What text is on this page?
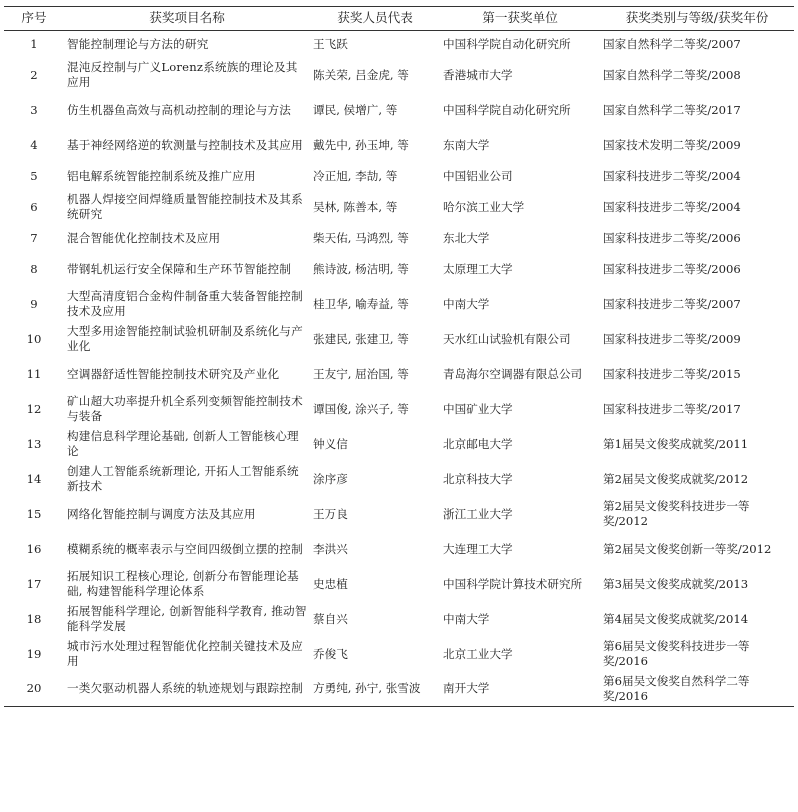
序号	获奖项目名称	获奖人员代表	第一获奖单位	获奖类别与等级/获奖年份
1	智能控制理论与方法的研究	王飞跃	中国科学院自动化研究所	国家自然科学二等奖/2007
2	混沌反控制与广义Lorenz系统族的理论及其应用	陈关荣, 吕金虎, 等	香港城市大学	国家自然科学二等奖/2008
3	仿生机器鱼高效与高机动控制的理论与方法	谭民, 侯增广, 等	中国科学院自动化研究所	国家自然科学二等奖/2017
4	基于神经网络逆的软测量与控制技术及其应用	戴先中, 孙玉坤, 等	东南大学	国家技术发明二等奖/2009
5	铝电解系统智能控制系统及推广应用	冷正旭, 李劼, 等	中国铝业公司	国家科技进步二等奖/2004
6	机器人焊接空间焊缝质量智能控制技术及其系统研究	吴林, 陈善本, 等	哈尔滨工业大学	国家科技进步二等奖/2004
7	混合智能优化控制技术及应用	柴天佑, 马鸿烈, 等	东北大学	国家科技进步二等奖/2006
8	带钢轧机运行安全保障和生产环节智能控制	熊诗波, 杨洁明, 等	太原理工大学	国家科技进步二等奖/2006
9	大型高清度铝合金构件制备重大装备智能控制技术及应用	桂卫华, 喻寿益, 等	中南大学	国家科技进步二等奖/2007
10	大型多用途智能控制试验机研制及系统化与产业化	张建民, 张建卫, 等	天水红山试验机有限公司	国家科技进步二等奖/2009
11	空调器舒适性智能控制技术研究及产业化	王友宁, 屈治国, 等	青岛海尔空调器有限总公司	国家科技进步二等奖/2015
12	矿山超大功率提升机全系列变频智能控制技术与装备	谭国俊, 涂兴子, 等	中国矿业大学	国家科技进步二等奖/2017
13	构建信息科学理论基础, 创新人工智能核心理论	钟义信	北京邮电大学	第1届吴文俊奖成就奖/2011
14	创建人工智能系统新理论, 开拓人工智能系统新技术	涂序彦	北京科技大学	第2届吴文俊奖成就奖/2012
15	网络化智能控制与调度方法及其应用	王万良	浙江工业大学	第2届吴文俊奖科技进步一等奖/2012
16	模糊系统的概率表示与空间四级倒立摆的控制	李洪兴	大连理工大学	第2届吴文俊奖创新一等奖/2012
17	拓展知识工程核心理论, 创新分布智能理论基础, 构建智能科学理论体系	史忠植	中国科学院计算技术研究所	第3届吴文俊奖成就奖/2013
18	拓展智能科学理论, 创新智能科学教育, 推动智能科学发展	蔡自兴	中南大学	第4届吴文俊奖成就奖/2014
19	城市污水处理过程智能优化控制关键技术及应用	乔俊飞	北京工业大学	第6届吴文俊奖科技进步一等奖/2016
20	一类欠驱动机器人系统的轨迹规划与跟踪控制	方勇纯, 孙宁, 张雪波	南开大学	第6届吴文俊奖自然科学二等奖/2016
